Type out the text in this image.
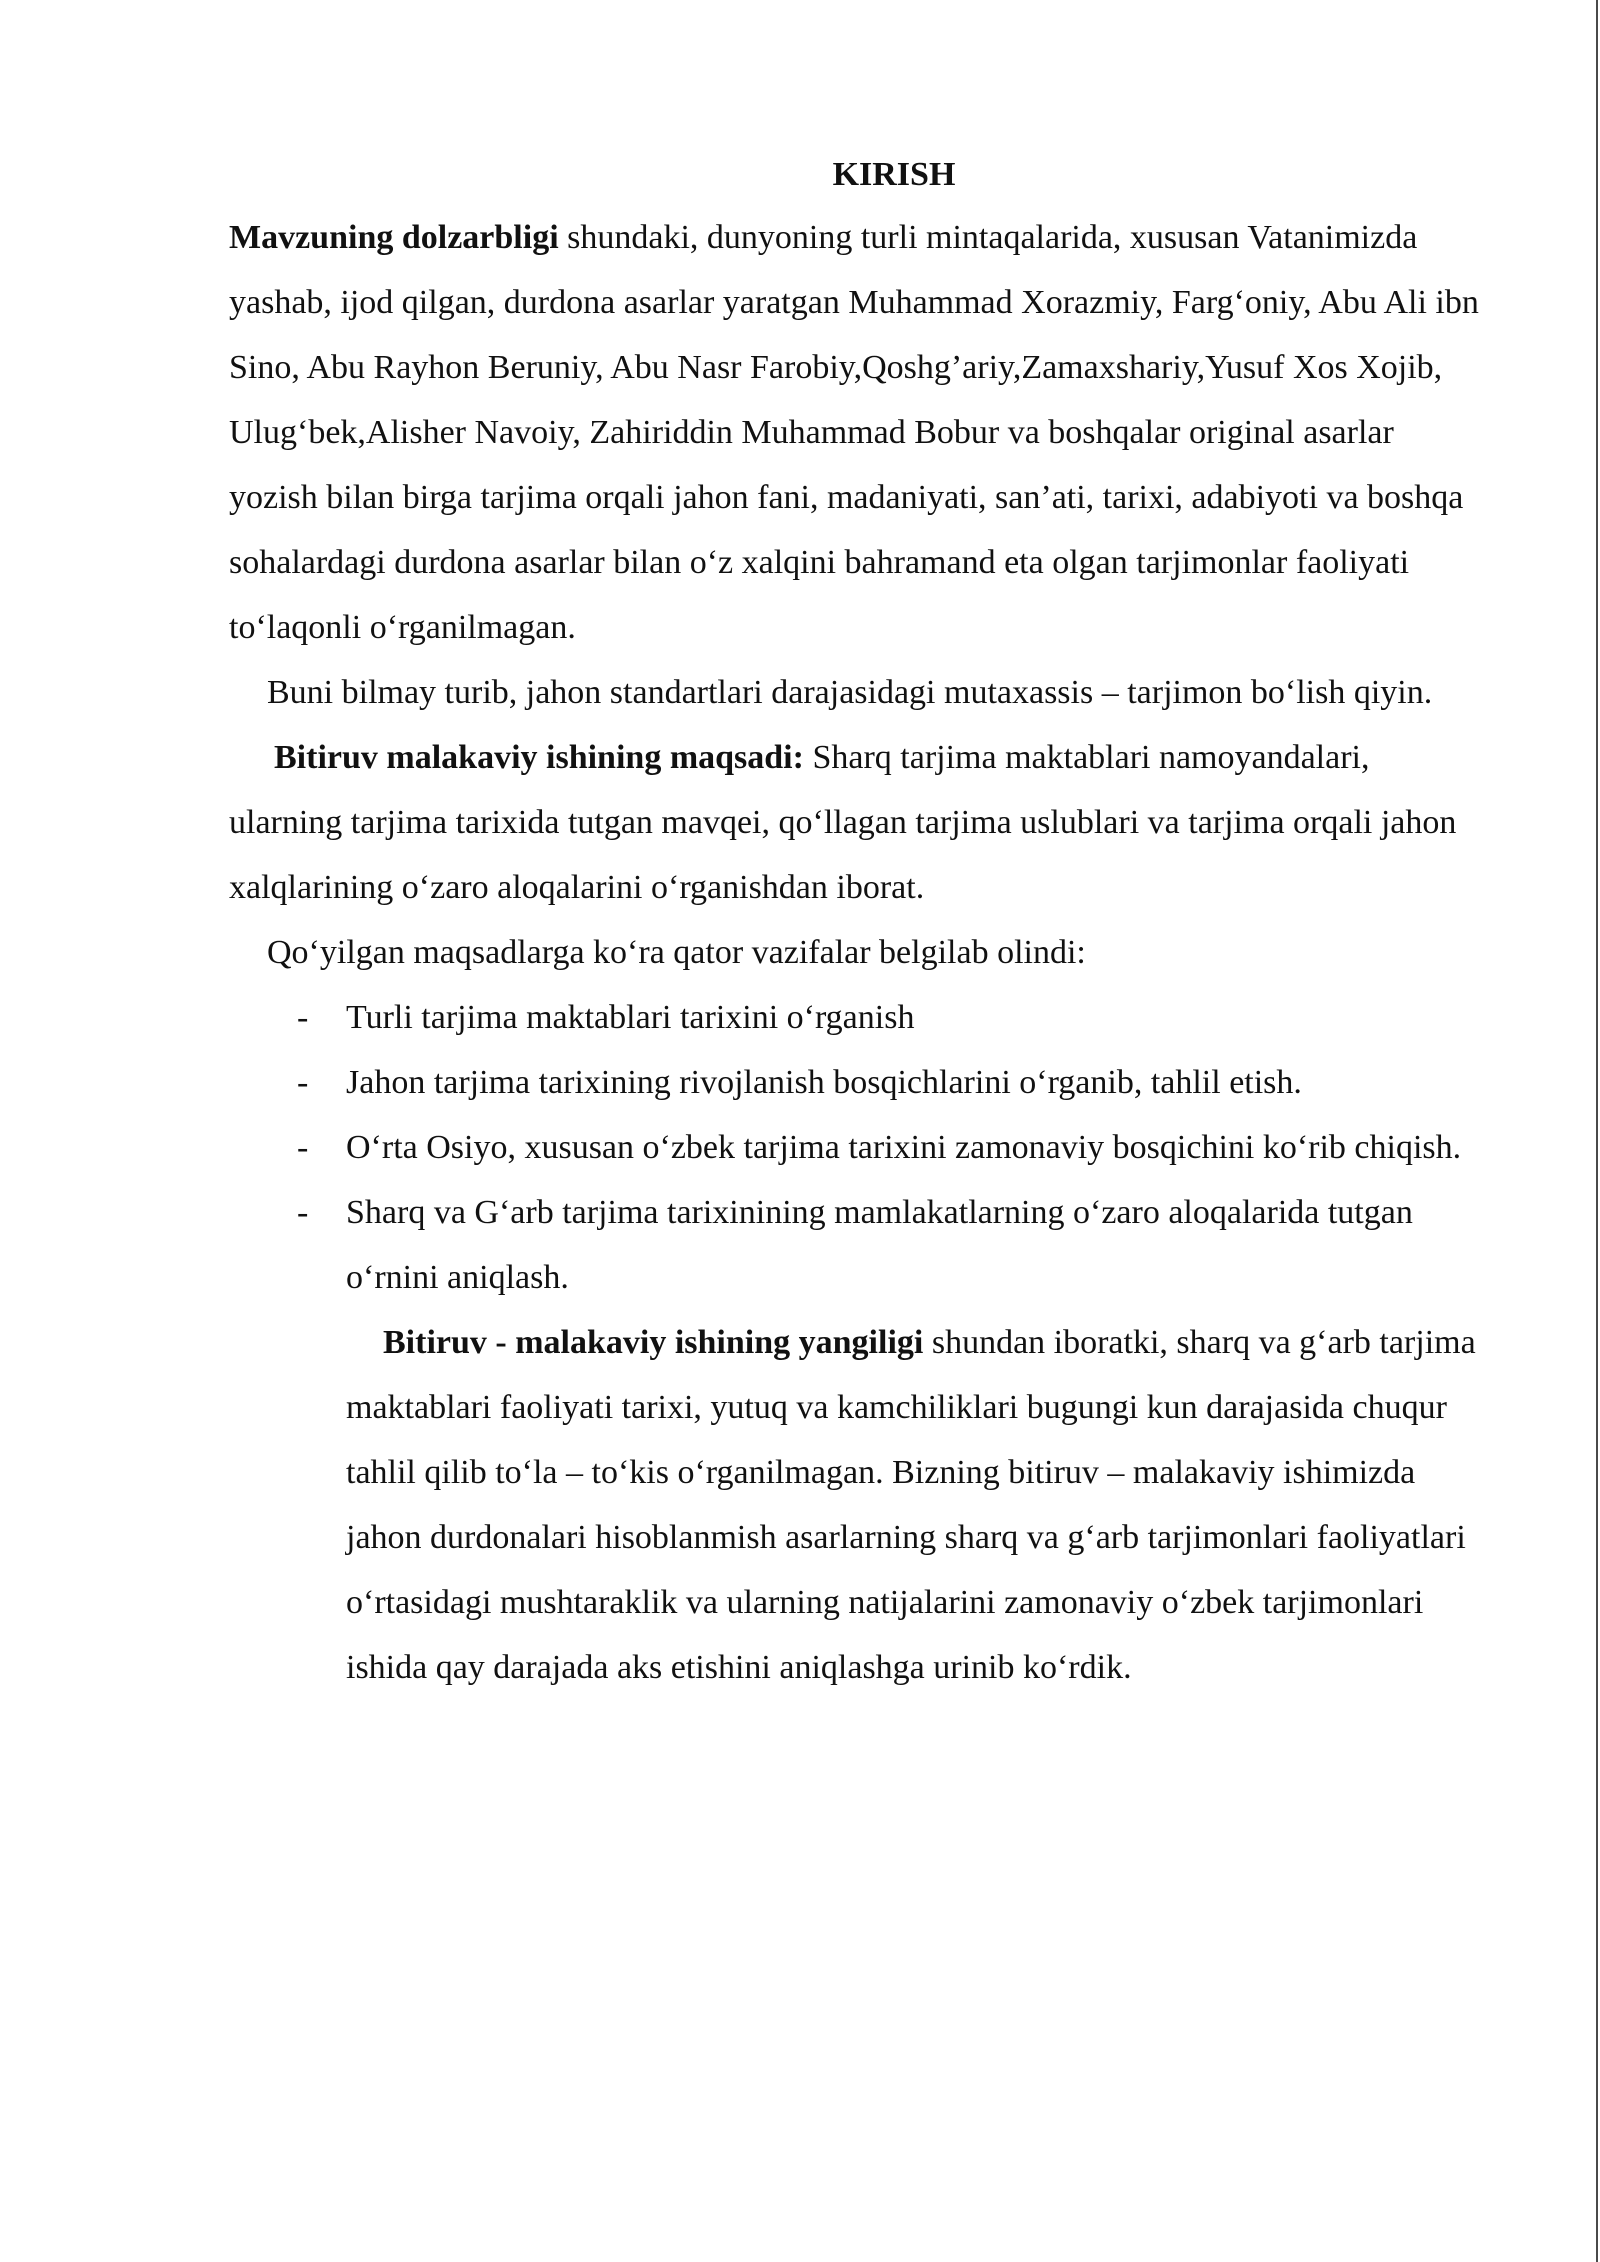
KIRISH

Mavzuning dolzarbligi shundaki, dunyoning turli mintaqalarida, xususan Vatanimizda yashab, ijod qilgan, durdona asarlar yaratgan Muhammad Xorazmiy, Farg‘oniy, Abu Ali ibn Sino, Abu Rayhon Beruniy, Abu Nasr Farobiy,Qoshg’ariy,Zamaxshariy,Yusuf Xos Xojib, Ulug‘bek,Alisher Navoiy, Zahiriddin Muhammad Bobur va boshqalar original asarlar yozish bilan birga tarjima orqali jahon fani, madaniyati, san’ati, tarixi, adabiyoti va boshqa sohalardagi durdona asarlar bilan o‘z xalqini bahramand eta olgan tarjimonlar faoliyati to‘laqonli o‘rganilmagan.

Buni bilmay turib, jahon standartlari darajasidagi mutaxassis – tarjimon bo‘lish qiyin.

Bitiruv malakaviy ishining maqsadi: Sharq tarjima maktablari namoyandalari, ularning tarjima tarixida tutgan mavqei, qo‘llagan tarjima uslublari va tarjima orqali jahon xalqlarining o‘zaro aloqalarini o‘rganishdan iborat.

Qo‘yilgan maqsadlarga ko‘ra qator vazifalar belgilab olindi:

- Turli tarjima maktablari tarixini o‘rganish
- Jahon tarjima tarixining rivojlanish bosqichlarini o‘rganib, tahlil etish.
- O‘rta Osiyo, xususan o‘zbek tarjima tarixini zamonaviy bosqichini ko‘rib chiqish.
- Sharq va G‘arb tarjima tarixinining mamlakatlarning o‘zaro aloqalarida tutgan o‘rnini aniqlash.

Bitiruv - malakaviy ishining yangiligi shundan iboratki, sharq va g‘arb tarjima maktablari faoliyati tarixi, yutuq va kamchiliklari bugungi kun darajasida chuqur tahlil qilib to‘la – to‘kis o‘rganilmagan. Bizning bitiruv – malakaviy ishimizda jahon durdonalari hisoblanmish asarlarning sharq va g‘arb tarjimonlari faoliyatlari o‘rtasidagi mushtaraklik va ularning natijalarini zamonaviy o‘zbek tarjimonlari ishida qay darajada aks etishini aniqlashga urinib ko‘rdik.
